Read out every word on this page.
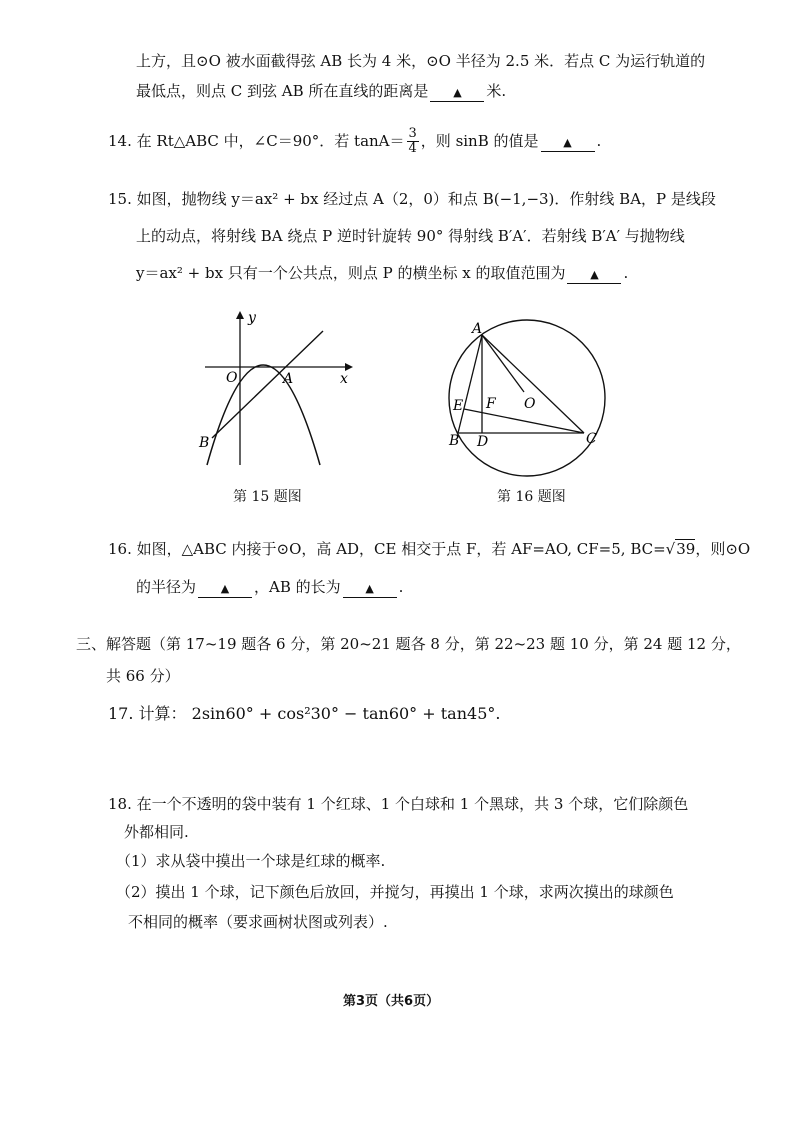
上方，且⊙O 被水面截得弦 AB 长为 4 米，⊙O 半径为 2.5 米．若点 C 为运行轨道的
最低点，则点 C 到弦 AB 所在直线的距离是 ▲ 米.
14. 在 Rt△ABC 中，∠C＝90°．若 $\tan A= \frac{3}{4}$ ，则 sinB 的值是 ▲ .
15. 如图，抛物线 y＝ax² + bx 经过点 A（2，0）和点 B(−1,−3)．作射线 BA，P 是线段
上的动点，将射线 BA 绕点 P 逆时针旋转 90° 得射线 B′A′．若射线 B′A′ 与抛物线
y＝ax² + bx 只有一个公共点，则点 P 的横坐标 x 的取值范围为 ▲ .
y
x
O	A
B
第 15 题图
A
E F O
B D	C
第 16 题图
16. 如图，△ABC 内接于⊙O，高 AD，CE 相交于点 F，若 AF=AO, CF=5, BC=√39，则⊙O
的半径为 ▲ ，AB 的长为 ▲ .
三、解答题（第 17~19 题各 6 分，第 20~21 题各 8 分，第 22~23 题 10 分，第 24 题 12 分，
共 66 分）
17. 计算： 2sin60° + cos²30° − tan60° + tan45°.
18. 在一个不透明的袋中装有 1 个红球、1 个白球和 1 个黑球，共 3 个球，它们除颜色
外都相同.
（1）求从袋中摸出一个球是红球的概率.
（2）摸出 1 个球，记下颜色后放回，并搅匀，再摸出 1 个球，求两次摸出的球颜色
不相同的概率（要求画树状图或列表）.
第3页（共6页）
